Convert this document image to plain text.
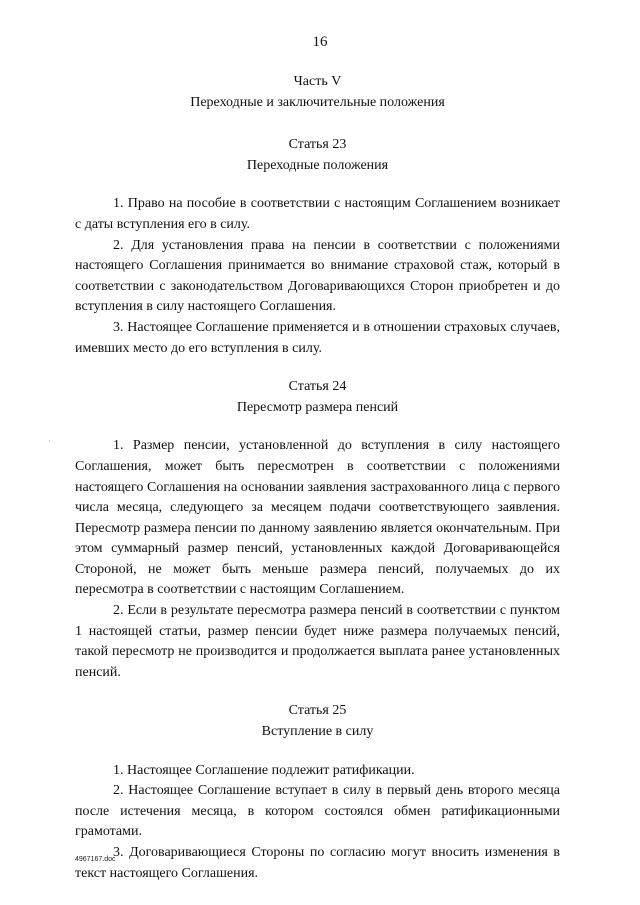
16
·

Часть V

Переходные и заключительные положения

Статья 23

Переходные положения

1. Право на пособие в соответствии с настоящим Соглашением возникает с даты вступления его в силу.

2. Для установления права на пенсии в соответствии с положениями настоящего Соглашения принимается во внимание страховой стаж, который в соответствии с законодательством Договаривающихся Сторон приобретен и до вступления в силу настоящего Соглашения.

3. Настоящее Соглашение применяется и в отношении страховых случаев, имевших место до его вступления в силу.

Статья 24

Пересмотр размера пенсий

1. Размер пенсии, установленной до вступления в силу настоящего Соглашения, может быть пересмотрен в соответствии с положениями настоящего Соглашения на основании заявления застрахованного лица с первого числа месяца, следующего за месяцем подачи соответствующего заявления. Пересмотр размера пенсии по данному заявлению является окончательным. При этом суммарный размер пенсий, установленных каждой Договаривающейся Стороной, не может быть меньше размера пенсий, получаемых до их пересмотра в соответствии с настоящим Соглашением.

2. Если в результате пересмотра размера пенсий в соответствии с пунктом 1 настоящей статьи, размер пенсии будет ниже размера получаемых пенсий, такой пересмотр не производится и продолжается выплата ранее установленных пенсий.

Статья 25

Вступление в силу

1. Настоящее Соглашение подлежит ратификации.

2. Настоящее Соглашение вступает в силу в первый день второго месяца после истечения месяца, в котором состоялся обмен ратификационными грамотами.

3. Договаривающиеся Стороны по согласию могут вносить изменения в текст настоящего Соглашения.

4967167.doc
